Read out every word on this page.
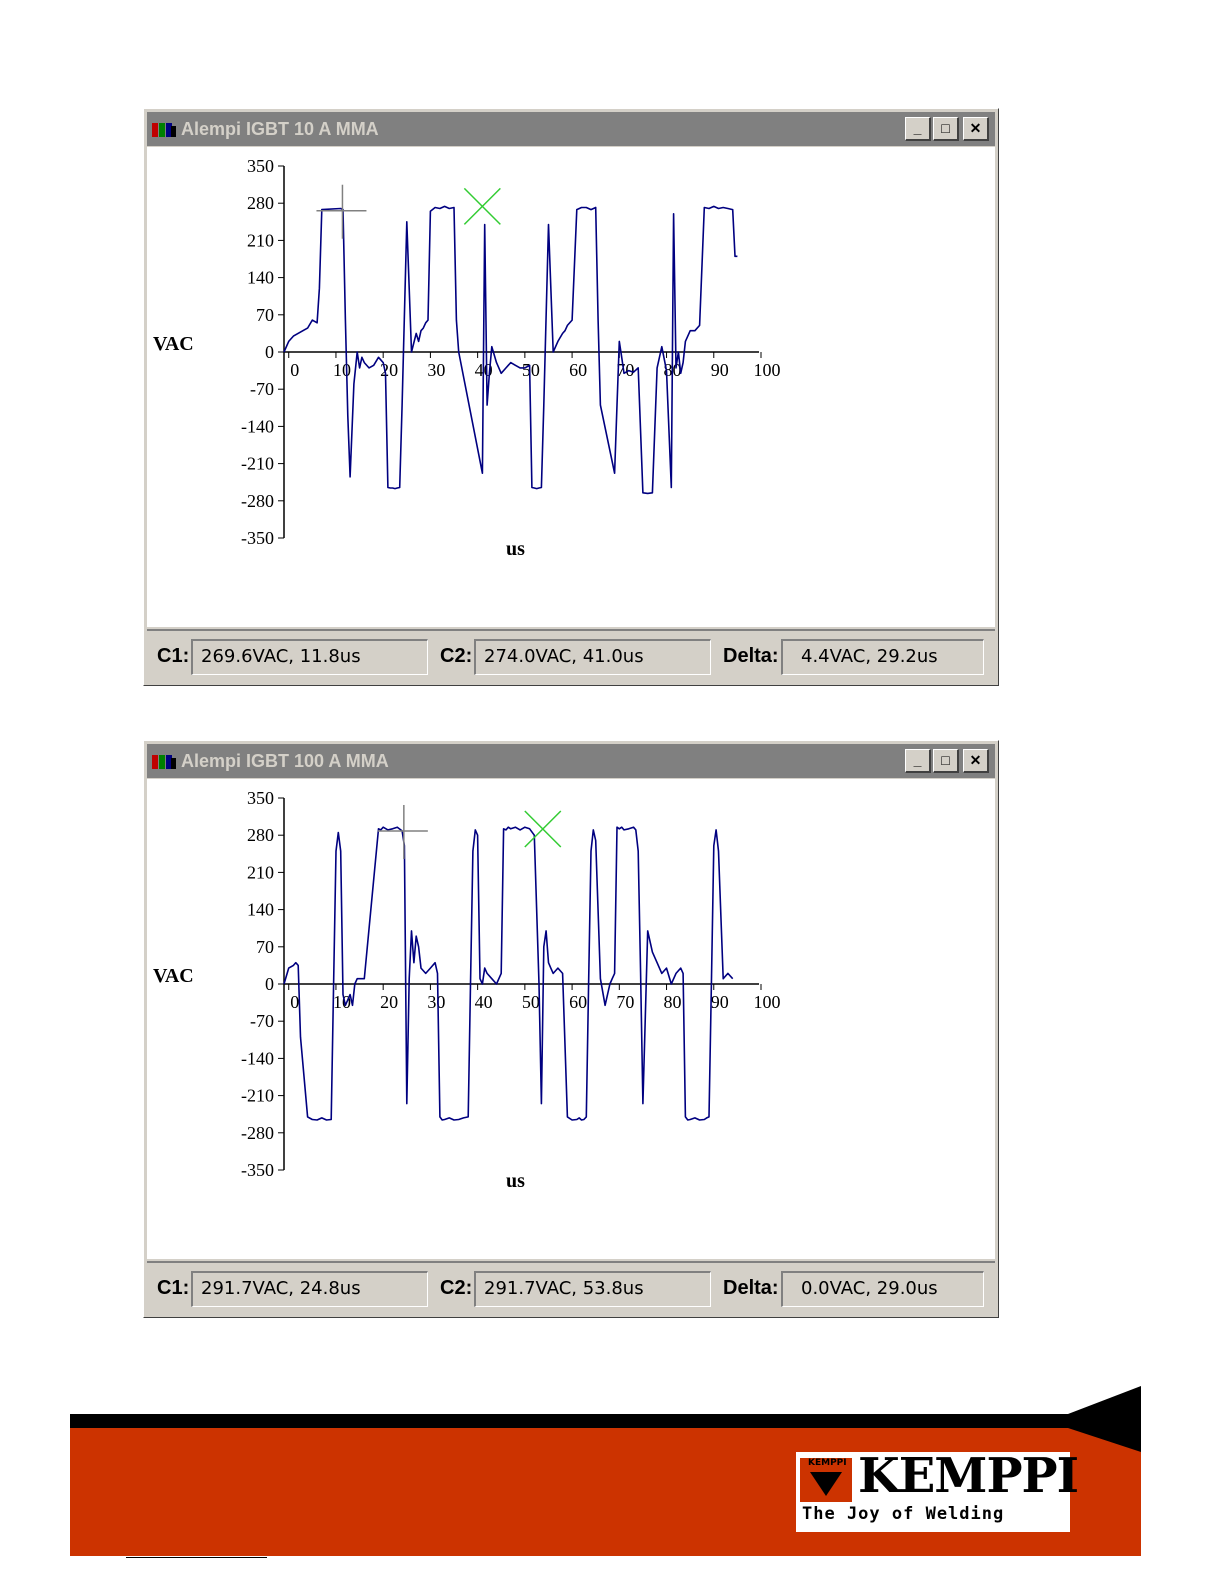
Alempi IGBT 10 A MMA	_	□	✕
350
280
210
140
70
0
-70
-140
-210
-280
-350
0 10 20 30 40 50 60 70 80 90 100
VAC
us
C1: 269.6VAC, 11.8us	C2: 274.0VAC, 41.0us	Delta:	4.4VAC, 29.2us
Alempi IGBT 100 A MMA	_	□	✕
350
280
210
140
70
0
-70
-140
-210
-280
-350
0 10 20 30 40 50 60 70 80 90 100
VAC
us
C1: 291.7VAC, 24.8us	C2: 291.7VAC, 53.8us	Delta:	0.0VAC, 29.0us
KEMPPI KEMPPI
The Joy of Welding
